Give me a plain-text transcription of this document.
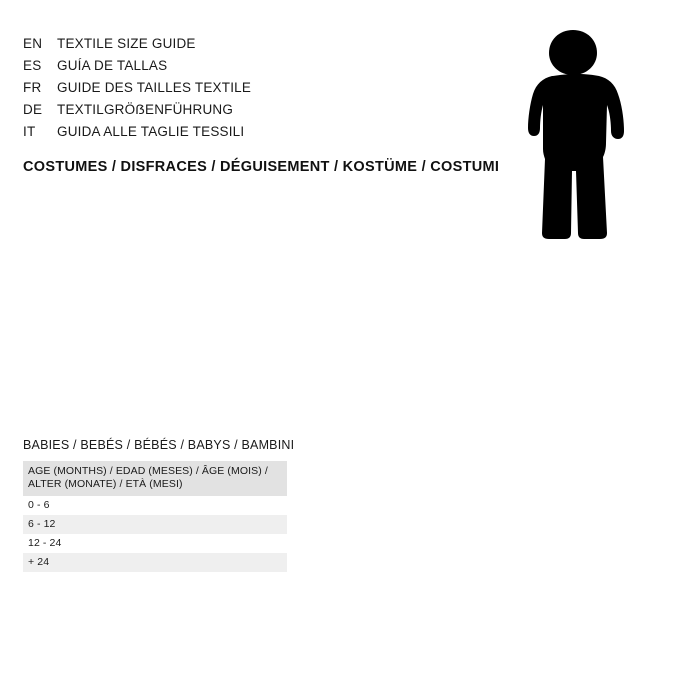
EN	TEXTILE SIZE GUIDE
ES	GUÍA DE TALLAS
FR	GUIDE DES TAILLES TEXTILE
DE	TEXTILGRÖẞENFÜHRUNG
IT	GUIDA ALLE TAGLIE TESSILI
COSTUMES / DISFRACES / DÉGUISEMENT / KOSTÜME / COSTUMI
BABIES / BEBÉS / BÉBÉS / BABYS / BAMBINI
AGE (MONTHS) / EDAD (MESES) / ÂGE (MOIS) / ALTER (MONATE) / ETÀ (MESI)
0 - 6
6 - 12
12 - 24
+ 24
